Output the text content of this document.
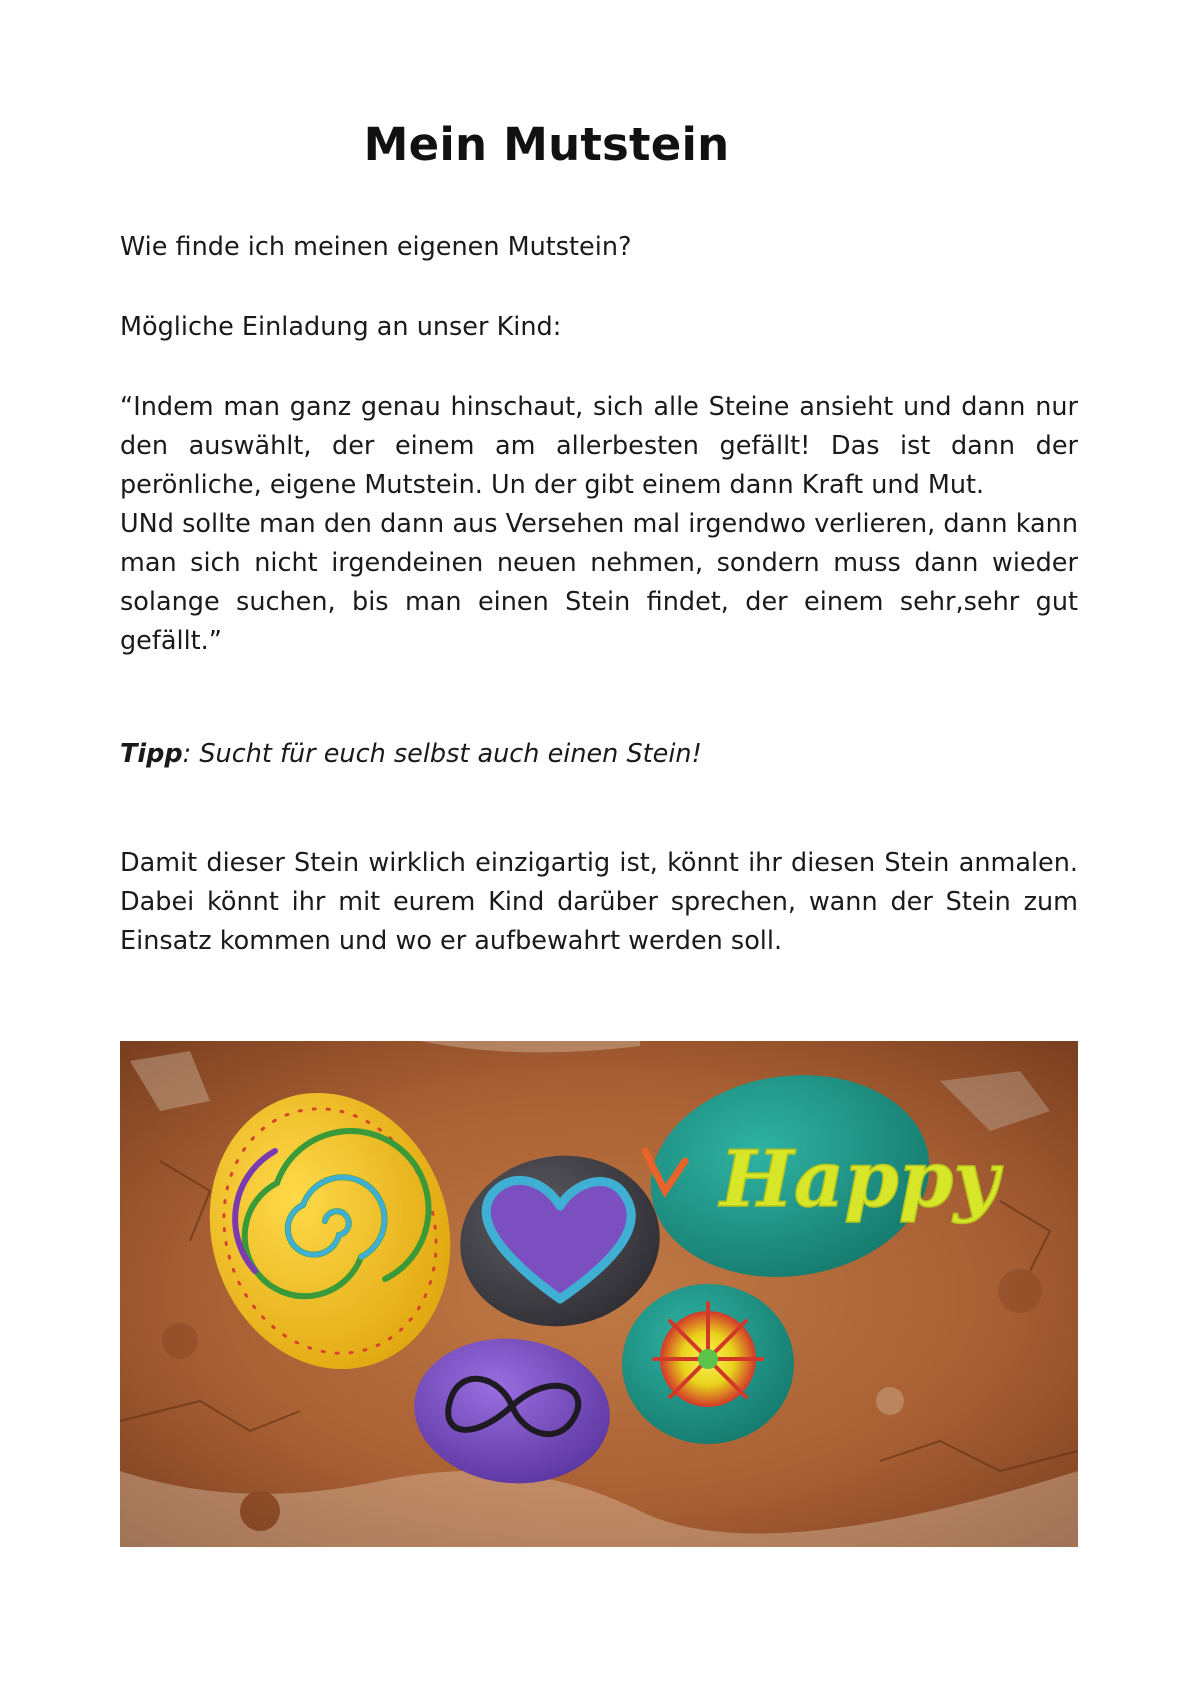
Mein Mutstein

Wie finde ich meinen eigenen Mutstein?

Mögliche Einladung an unser Kind:

“Indem man ganz genau hinschaut, sich alle Steine ansieht und dann nur den auswählt, der einem am allerbesten gefällt! Das ist dann der perönliche, eigene Mutstein. Un der gibt einem dann Kraft und Mut.
UNd sollte man den dann aus Versehen mal irgendwo verlieren, dann kann man sich nicht irgendeinen neuen nehmen, sondern muss dann wieder solange suchen, bis man einen Stein findet, der einem sehr,sehr gut gefällt.”

Tipp: Sucht für euch selbst auch einen Stein!

Damit dieser Stein wirklich einzigartig ist, könnt ihr diesen Stein anmalen. Dabei könnt ihr mit eurem Kind darüber sprechen, wann der Stein zum Einsatz kommen und wo er aufbewahrt werden soll.

Happy
